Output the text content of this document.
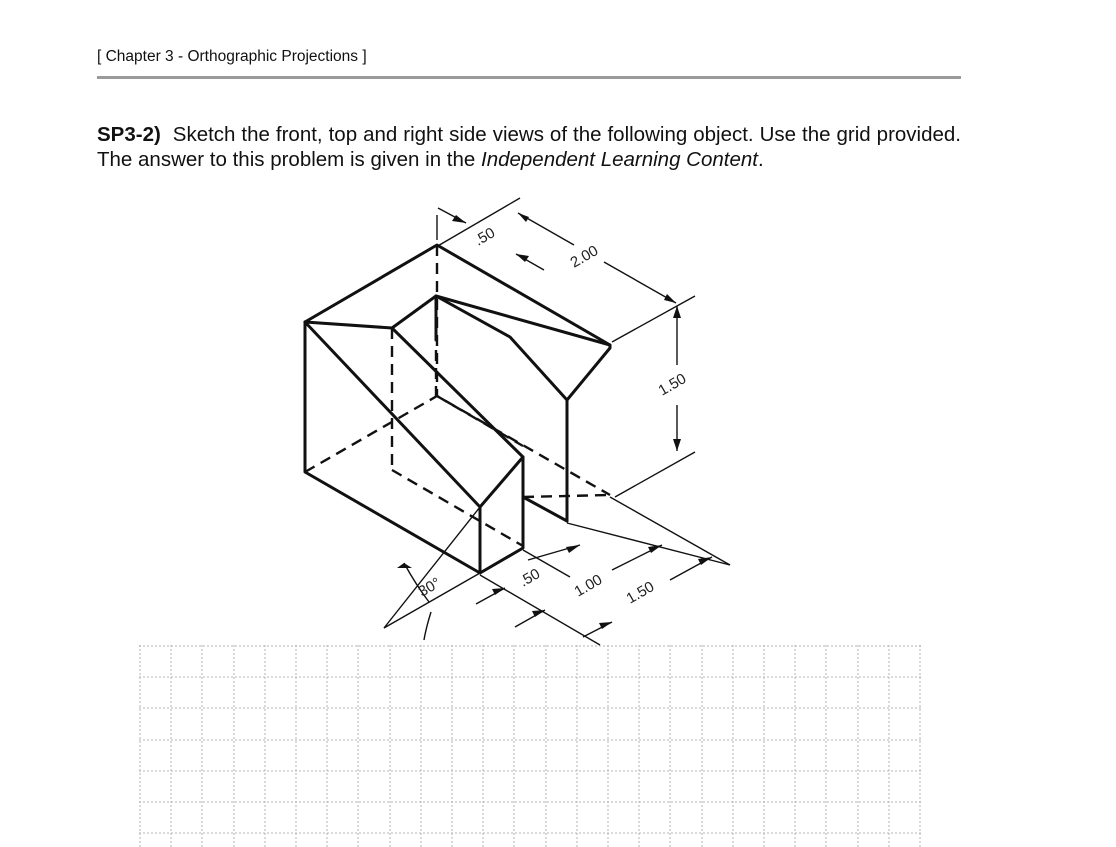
[ Chapter 3 - Orthographic Projections ]
SP3-2) Sketch the front, top and right side views of the following object. Use the grid provided. The answer to this problem is given in the Independent Learning Content.
.50
2.00
1.50
30°	.50 1.00 1.50
